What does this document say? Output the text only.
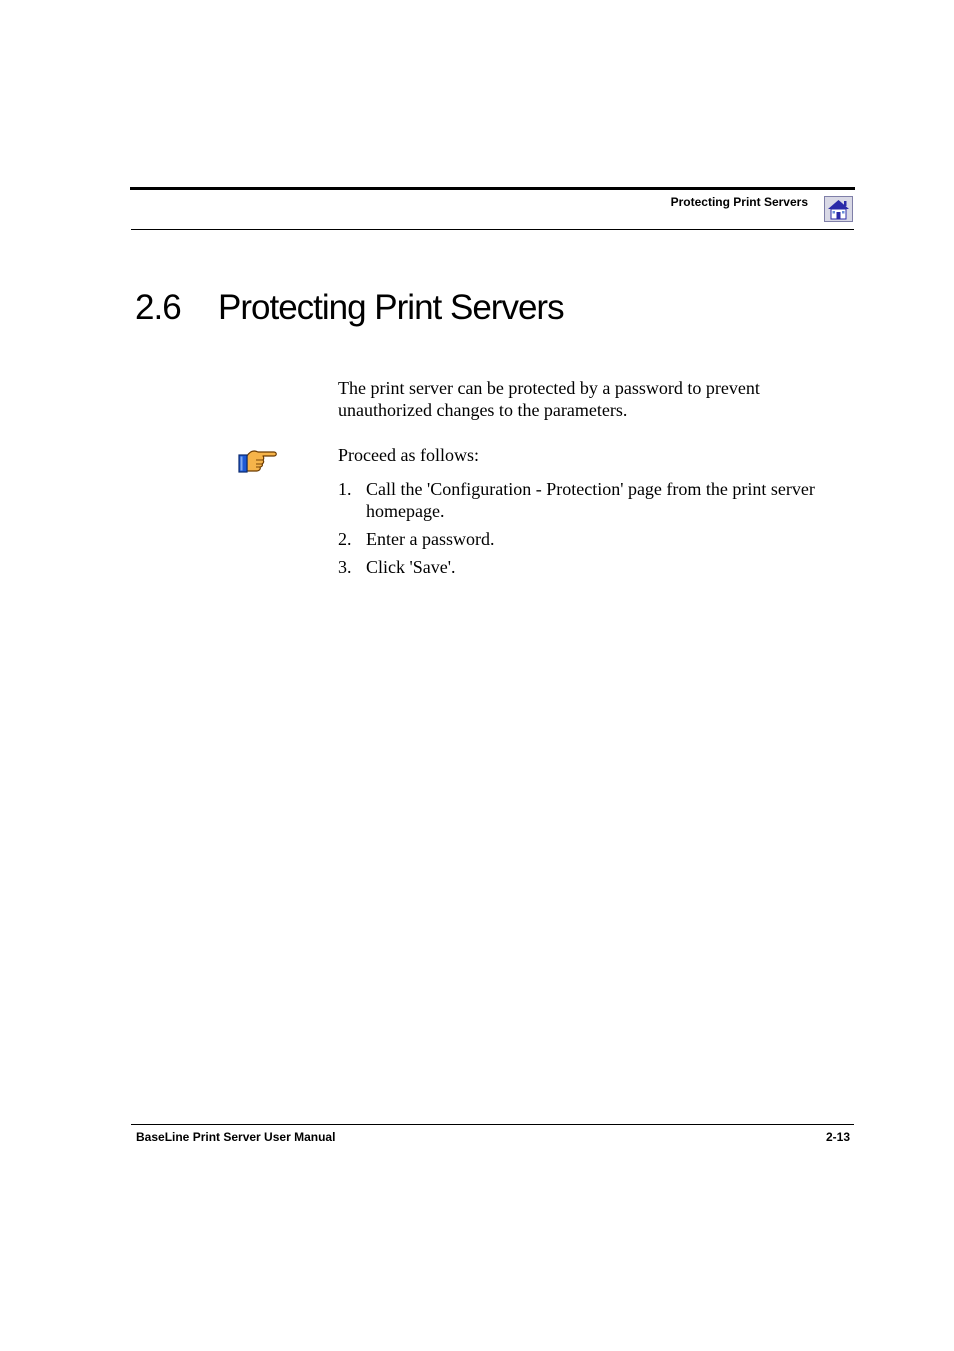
Protecting Print Servers
2.6 Protecting Print Servers

The print server can be protected by a password to prevent unauthorized changes to the parameters.

Proceed as follows:

1. Call the 'Configuration - Protection' page from the print server homepage.
2. Enter a password.
3. Click 'Save'.
BaseLine Print Server User Manual	2-13
